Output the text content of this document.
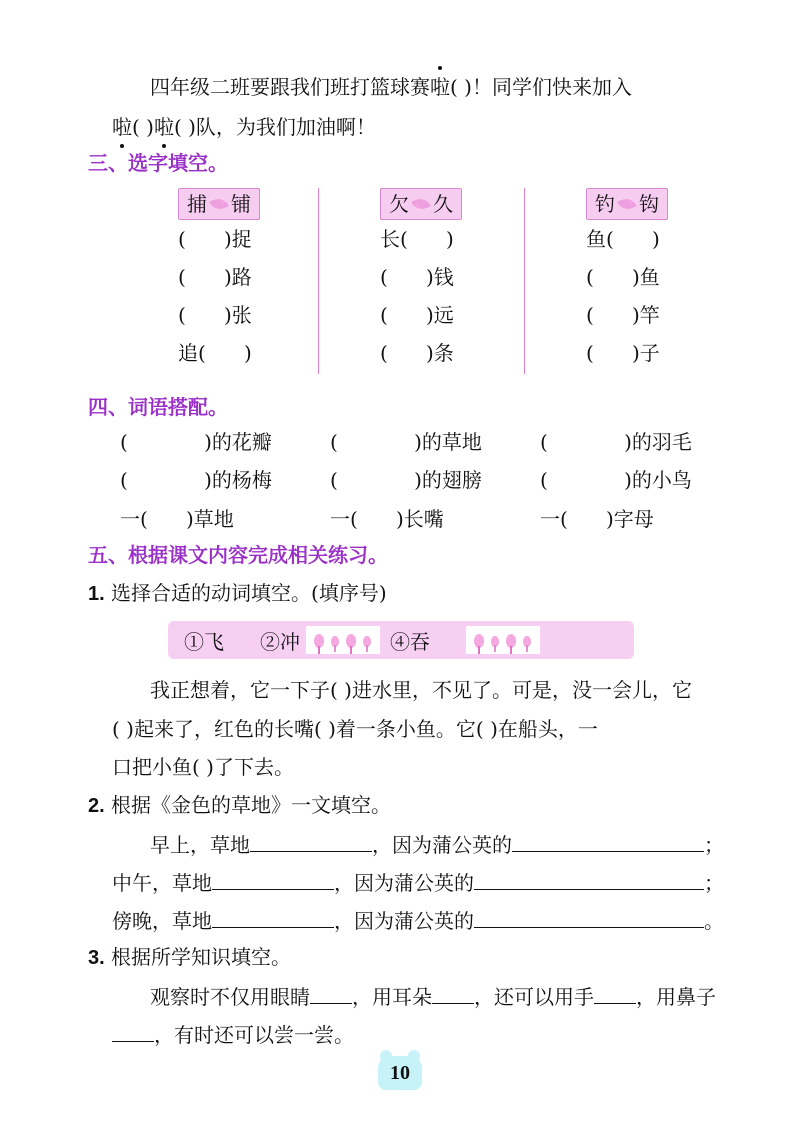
四年级二班要跟我们班打篮球赛啦( )！同学们快来加入
啦( )啦( )队，为我们加油啊！
三、选字填空。
捕 铺
(      )捉
(      )路
(      )张
追(      )
欠 久
长(      )
(      )钱
(      )远
(      )条
钓 钩
鱼(      )
(      )鱼
(      )竿
(      )子
四、词语搭配。
(            )的花瓣	(            )的草地	(            )的羽毛
(            )的杨梅	(            )的翅膀	(            )的小鸟
一(      )草地	一(      )长嘴	一(      )字母
五、根据课文内容完成相关练习。
1. 选择合适的动词填空。(填序号)
①飞 ②冲	④吞
我正想着，它一下子( )进水里，不见了。可是，没一会儿，它
( )起来了，红色的长嘴( )着一条小鱼。它( )在船头，一
口把小鱼( )了下去。
2. 根据《金色的草地》一文填空。
早上，草地	，因为蒲公英的	；
中午，草地	，因为蒲公英的	；
傍晚，草地	，因为蒲公英的	。
3. 根据所学知识填空。
观察时不仅用眼睛 ，用耳朵 ，还可以用手 ，用鼻子
，有时还可以尝一尝。
10
